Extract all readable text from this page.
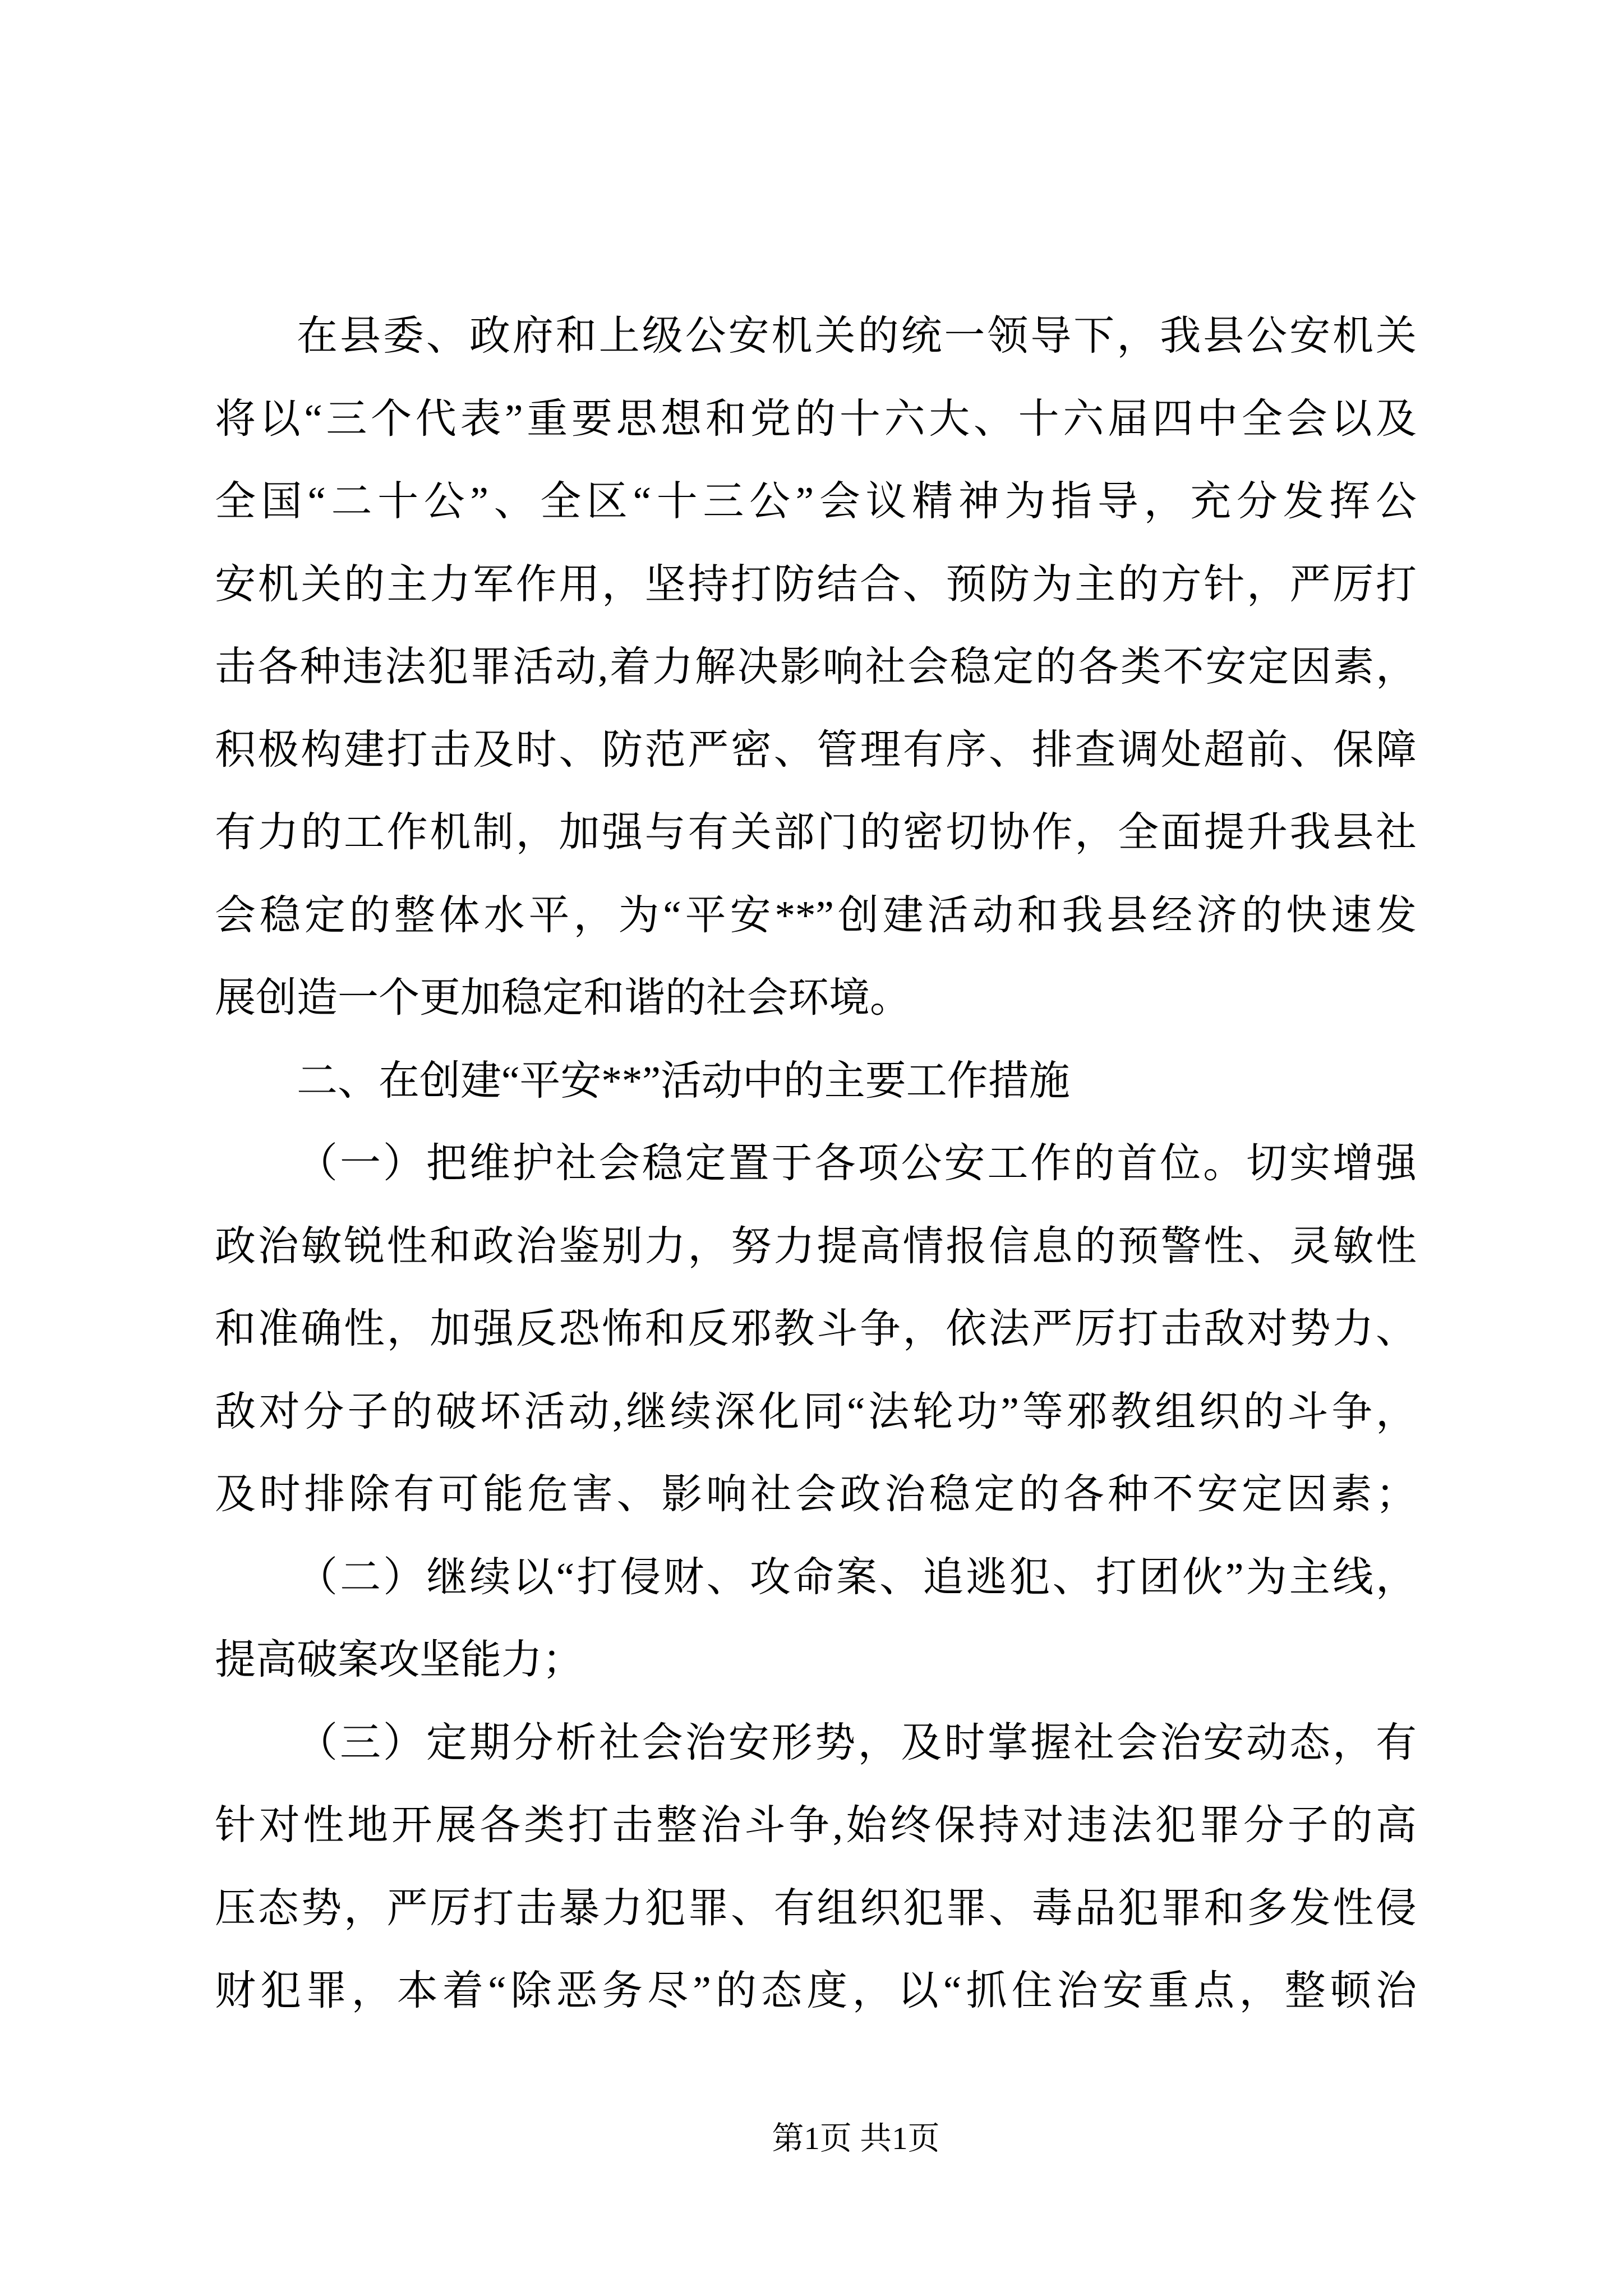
在县委、政府和上级公安机关的统一领导下，我县公安机关
将以“三个代表”重要思想和党的十六大、十六届四中全会以及
全国“二十公”、全区“十三公”会议精神为指导，充分发挥公
安机关的主力军作用，坚持打防结合、预防为主的方针，严厉打
击各种违法犯罪活动,着力解决影响社会稳定的各类不安定因素，
积极构建打击及时、防范严密、管理有序、排查调处超前、保障
有力的工作机制，加强与有关部门的密切协作，全面提升我县社
会稳定的整体水平，为“平安**”创建活动和我县经济的快速发
展创造一个更加稳定和谐的社会环境。
二、在创建“平安**”活动中的主要工作措施
（一）把维护社会稳定置于各项公安工作的首位。切实增强
政治敏锐性和政治鉴别力，努力提高情报信息的预警性、灵敏性
和准确性，加强反恐怖和反邪教斗争，依法严厉打击敌对势力、
敌对分子的破坏活动,继续深化同“法轮功”等邪教组织的斗争，
及时排除有可能危害、影响社会政治稳定的各种不安定因素；
（二）继续以“打侵财、攻命案、追逃犯、打团伙”为主线，
提高破案攻坚能力；
（三）定期分析社会治安形势，及时掌握社会治安动态，有
针对性地开展各类打击整治斗争,始终保持对违法犯罪分子的高
压态势，严厉打击暴力犯罪、有组织犯罪、毒品犯罪和多发性侵
财犯罪，本着“除恶务尽”的态度，以“抓住治安重点，整顿治
第1页 共1页
